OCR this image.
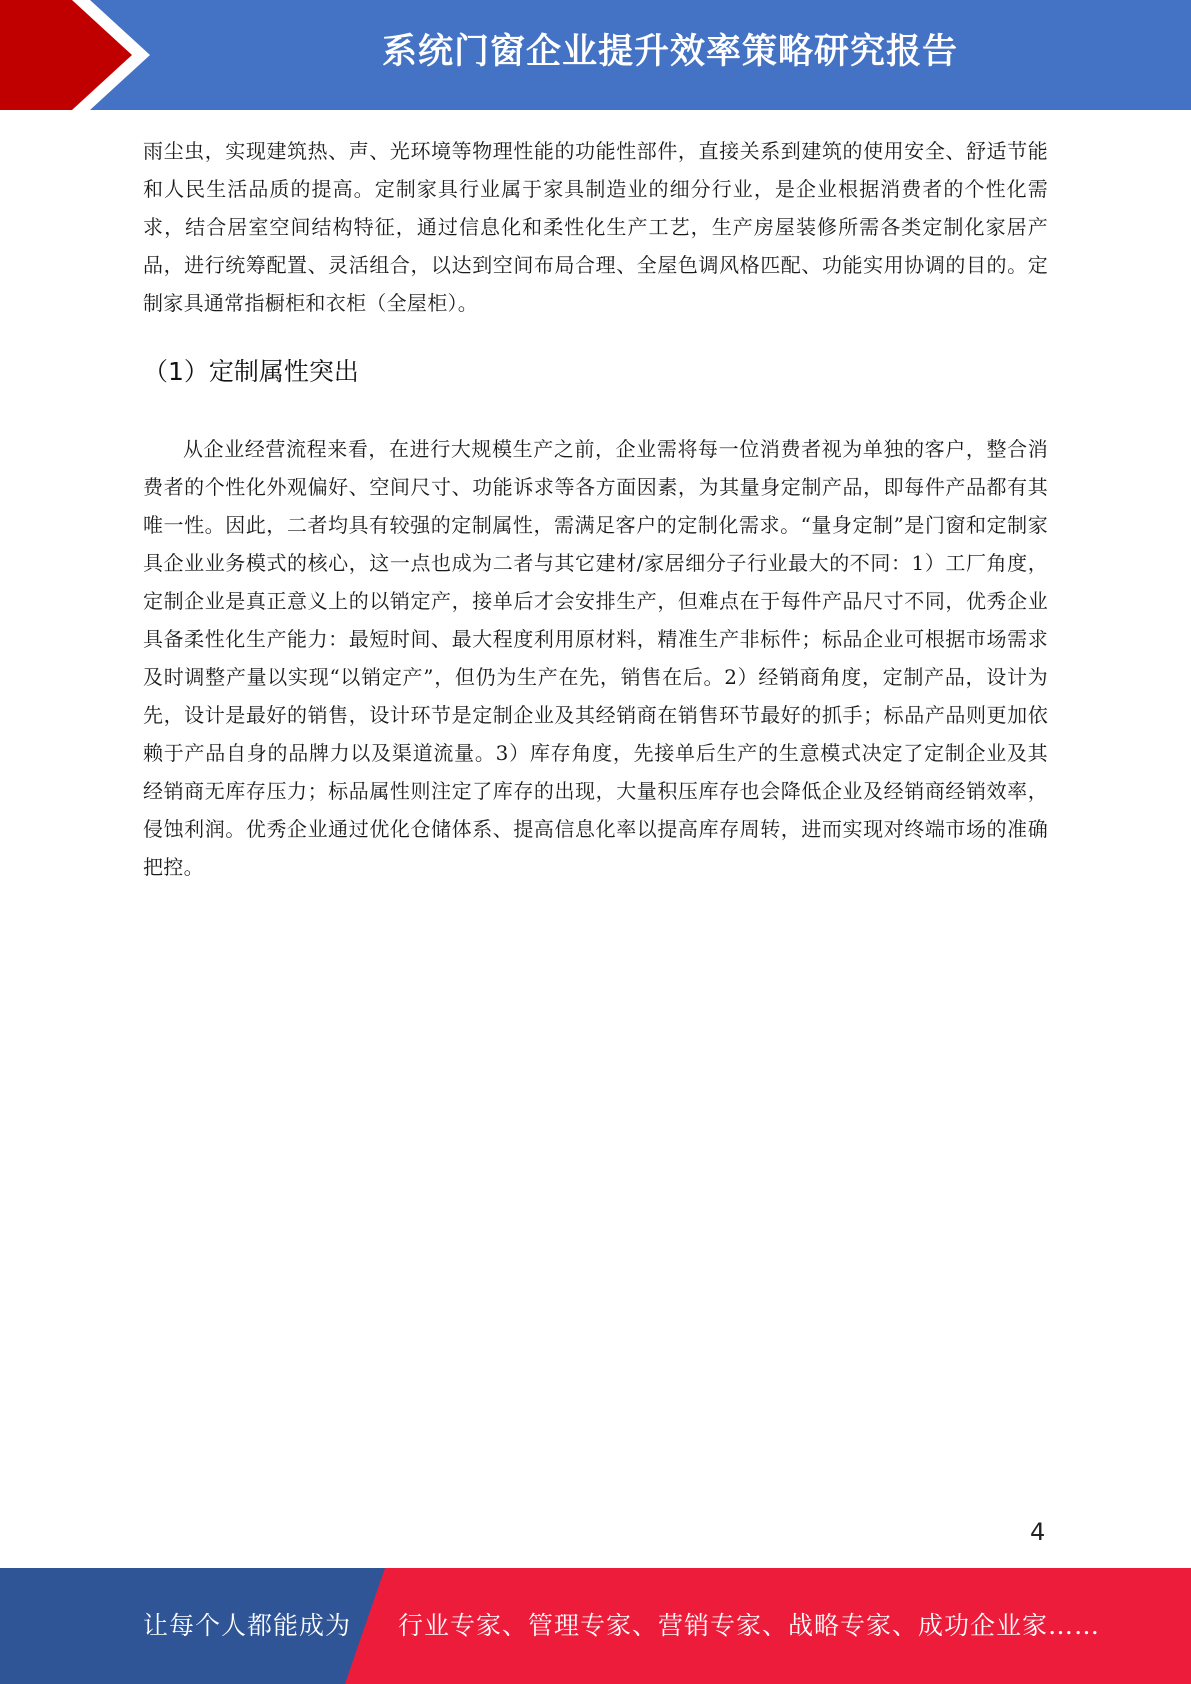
系统门窗企业提升效率策略研究报告

雨尘虫，实现建筑热、声、光环境等物理性能的功能性部件，直接关系到建筑的使用安全、舒适节能和人民生活品质的提高。定制家具行业属于家具制造业的细分行业，是企业根据消费者的个性化需求，结合居室空间结构特征，通过信息化和柔性化生产工艺，生产房屋装修所需各类定制化家居产品，进行统筹配置、灵活组合，以达到空间布局合理、全屋色调风格匹配、功能实用协调的目的。定制家具通常指橱柜和衣柜（全屋柜）。

（1）定制属性突出

从企业经营流程来看，在进行大规模生产之前，企业需将每一位消费者视为单独的客户，整合消费者的个性化外观偏好、空间尺寸、功能诉求等各方面因素，为其量身定制产品，即每件产品都有其唯一性。因此，二者均具有较强的定制属性，需满足客户的定制化需求。“量身定制”是门窗和定制家具企业业务模式的核心，这一点也成为二者与其它建材/家居细分子行业最大的不同：1）工厂角度，定制企业是真正意义上的以销定产，接单后才会安排生产，但难点在于每件产品尺寸不同，优秀企业具备柔性化生产能力：最短时间、最大程度利用原材料，精准生产非标件；标品企业可根据市场需求及时调整产量以实现“以销定产”，但仍为生产在先，销售在后。2）经销商角度，定制产品，设计为先，设计是最好的销售，设计环节是定制企业及其经销商在销售环节最好的抓手；标品产品则更加依赖于产品自身的品牌力以及渠道流量。3）库存角度，先接单后生产的生意模式决定了定制企业及其经销商无库存压力；标品属性则注定了库存的出现，大量积压库存也会降低企业及经销商经销效率，侵蚀利润。优秀企业通过优化仓储体系、提高信息化率以提高库存周转，进而实现对终端市场的准确把控。

4
让每个人都能成为 行业专家、管理专家、营销专家、战略专家、成功企业家……
